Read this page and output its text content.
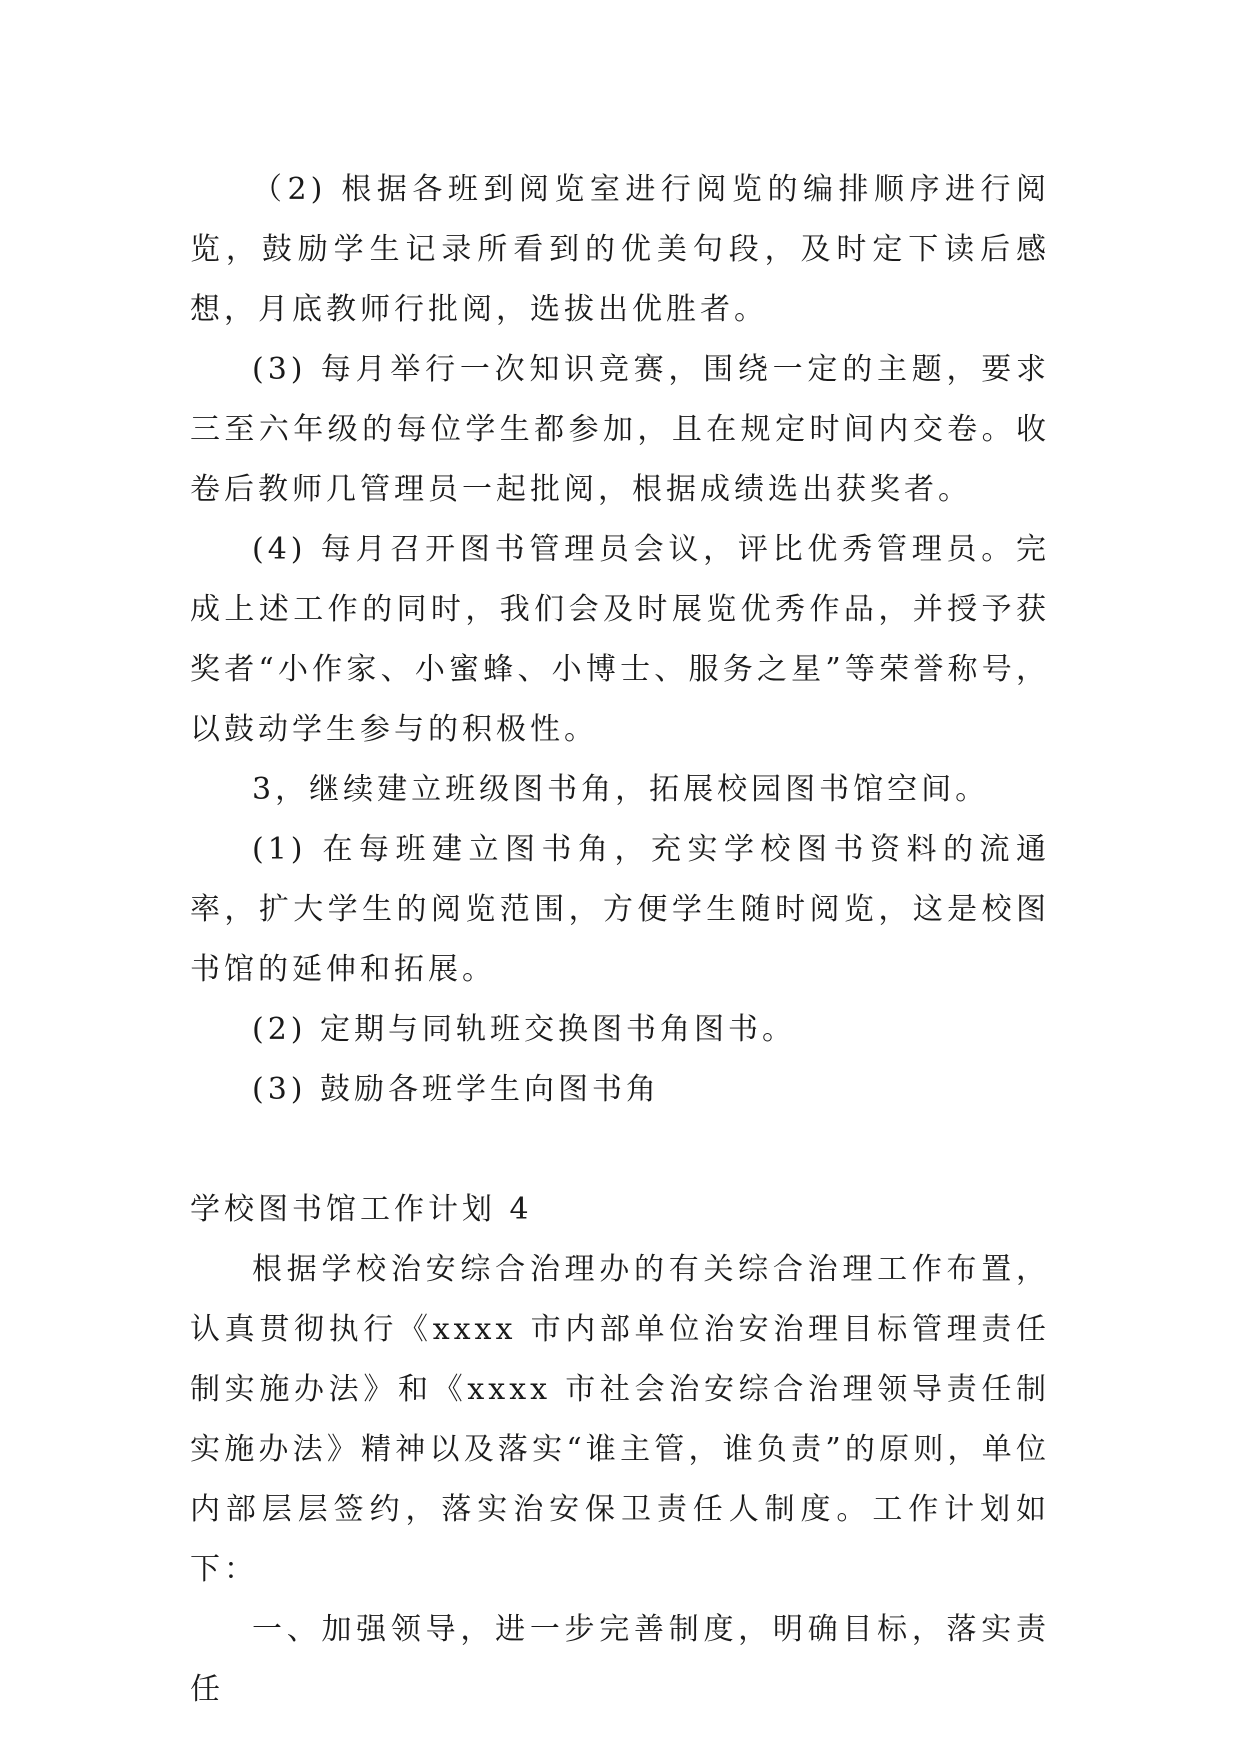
（2) 根据各班到阅览室进行阅览的编排顺序进行阅览，鼓励学生记录所看到的优美句段，及时定下读后感想，月底教师行批阅，选拔出优胜者。

(3) 每月举行一次知识竞赛，围绕一定的主题，要求三至六年级的每位学生都参加，且在规定时间内交卷。收卷后教师几管理员一起批阅，根据成绩选出获奖者。

(4) 每月召开图书管理员会议，评比优秀管理员。完成上述工作的同时，我们会及时展览优秀作品，并授予获奖者“小作家、小蜜蜂、小博士、服务之星”等荣誉称号，以鼓动学生参与的积极性。

3，继续建立班级图书角，拓展校园图书馆空间。

(1) 在每班建立图书角，充实学校图书资料的流通率，扩大学生的阅览范围，方便学生随时阅览，这是校图书馆的延伸和拓展。

(2) 定期与同轨班交换图书角图书。

(3) 鼓励各班学生向图书角

学校图书馆工作计划 4

根据学校治安综合治理办的有关综合治理工作布置，认真贯彻执行《xxxx 市内部单位治安治理目标管理责任制实施办法》和《xxxx 市社会治安综合治理领导责任制实施办法》精神以及落实“谁主管，谁负责”的原则，单位内部层层签约，落实治安保卫责任人制度。工作计划如下：

一、加强领导，进一步完善制度，明确目标，落实责任
